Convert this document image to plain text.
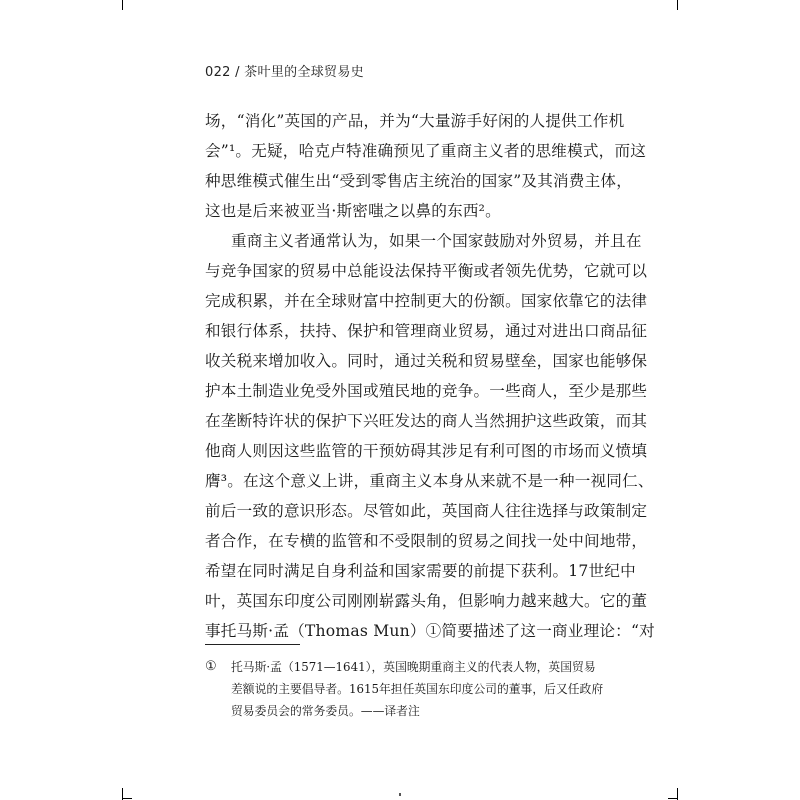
022 / 茶叶里的全球贸易史
场，“消化”英国的产品，并为“大量游手好闲的人提供工作机
会”¹。无疑，哈克卢特准确预见了重商主义者的思维模式，而这
种思维模式催生出“受到零售店主统治的国家”及其消费主体，
这也是后来被亚当·斯密嗤之以鼻的东西²。
重商主义者通常认为，如果一个国家鼓励对外贸易，并且在
与竞争国家的贸易中总能设法保持平衡或者领先优势，它就可以
完成积累，并在全球财富中控制更大的份额。国家依靠它的法律
和银行体系，扶持、保护和管理商业贸易，通过对进出口商品征
收关税来增加收入。同时，通过关税和贸易壁垒，国家也能够保
护本土制造业免受外国或殖民地的竞争。一些商人，至少是那些
在垄断特许状的保护下兴旺发达的商人当然拥护这些政策，而其
他商人则因这些监管的干预妨碍其涉足有利可图的市场而义愤填
膺³。在这个意义上讲，重商主义本身从来就不是一种一视同仁、
前后一致的意识形态。尽管如此，英国商人往往选择与政策制定
者合作，在专横的监管和不受限制的贸易之间找一处中间地带，
希望在同时满足自身利益和国家需要的前提下获利。17世纪中
叶，英国东印度公司刚刚崭露头角，但影响力越来越大。它的董
事托马斯·孟（Thomas Mun）①简要描述了这一商业理论：“对
① 托马斯·孟（1571—1641），英国晚期重商主义的代表人物，英国贸易
差额说的主要倡导者。1615年担任英国东印度公司的董事，后又任政府
贸易委员会的常务委员。——译者注
